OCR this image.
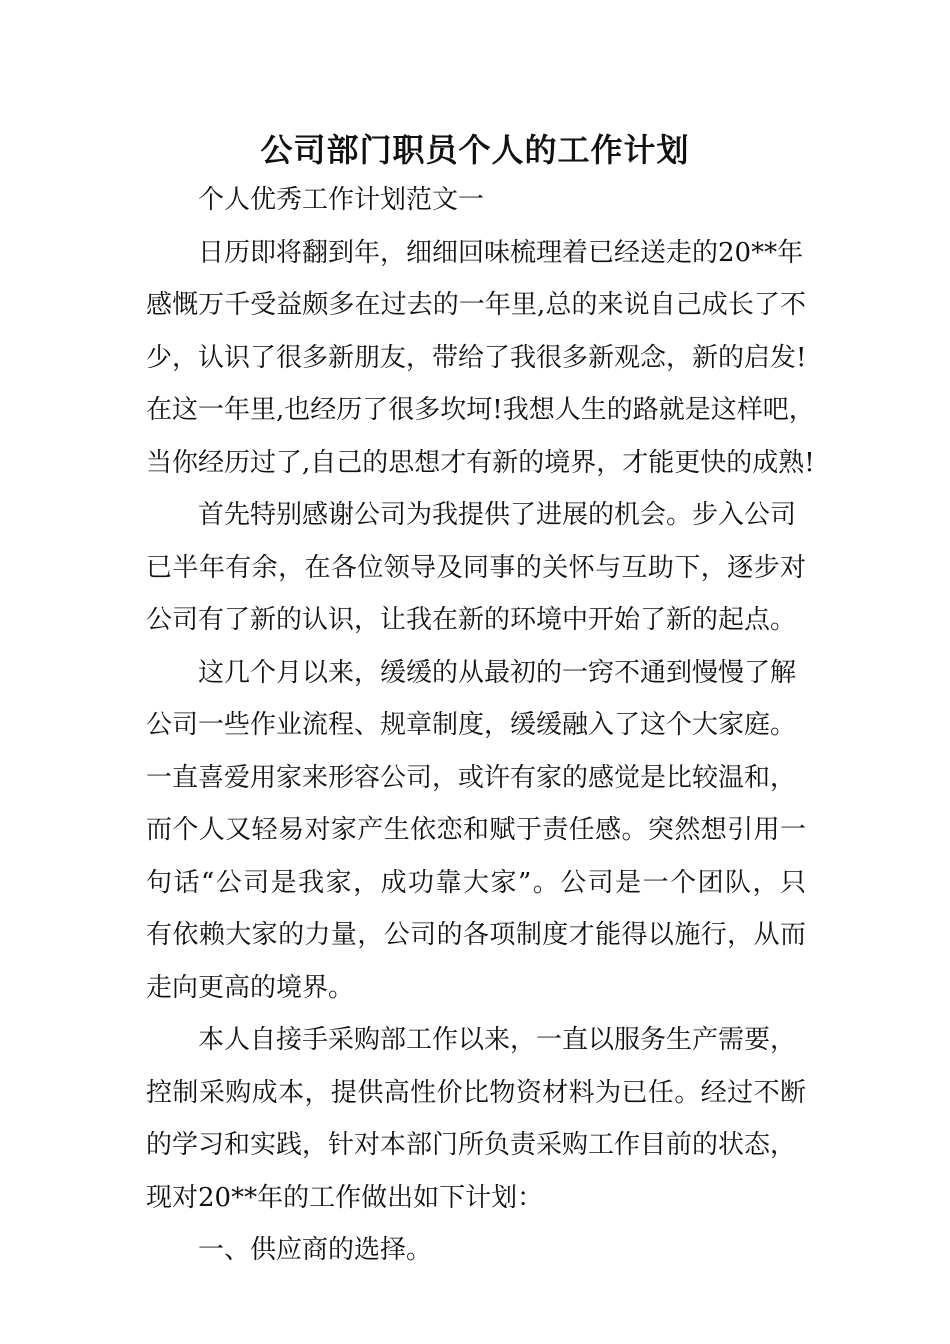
公司部门职员个人的工作计划
个人优秀工作计划范文一
日历即将翻到年，细细回味梳理着已经送走的20**年
感慨万千受益颇多在过去的一年里,总的来说自己成长了不
少，认识了很多新朋友，带给了我很多新观念，新的启发!
在这一年里,也经历了很多坎坷!我想人生的路就是这样吧，
当你经历过了,自己的思想才有新的境界，才能更快的成熟!
首先特别感谢公司为我提供了进展的机会。步入公司
已半年有余，在各位领导及同事的关怀与互助下，逐步对
公司有了新的认识，让我在新的环境中开始了新的起点。
这几个月以来，缓缓的从最初的一窍不通到慢慢了解
公司一些作业流程、规章制度，缓缓融入了这个大家庭。
一直喜爱用家来形容公司，或许有家的感觉是比较温和，
而个人又轻易对家产生依恋和赋于责任感。突然想引用一
句话“公司是我家，成功靠大家”。公司是一个团队，只
有依赖大家的力量，公司的各项制度才能得以施行，从而
走向更高的境界。
本人自接手采购部工作以来，一直以服务生产需要，
控制采购成本，提供高性价比物资材料为已任。经过不断
的学习和实践，针对本部门所负责采购工作目前的状态，
现对20**年的工作做出如下计划：
一、供应商的选择。
